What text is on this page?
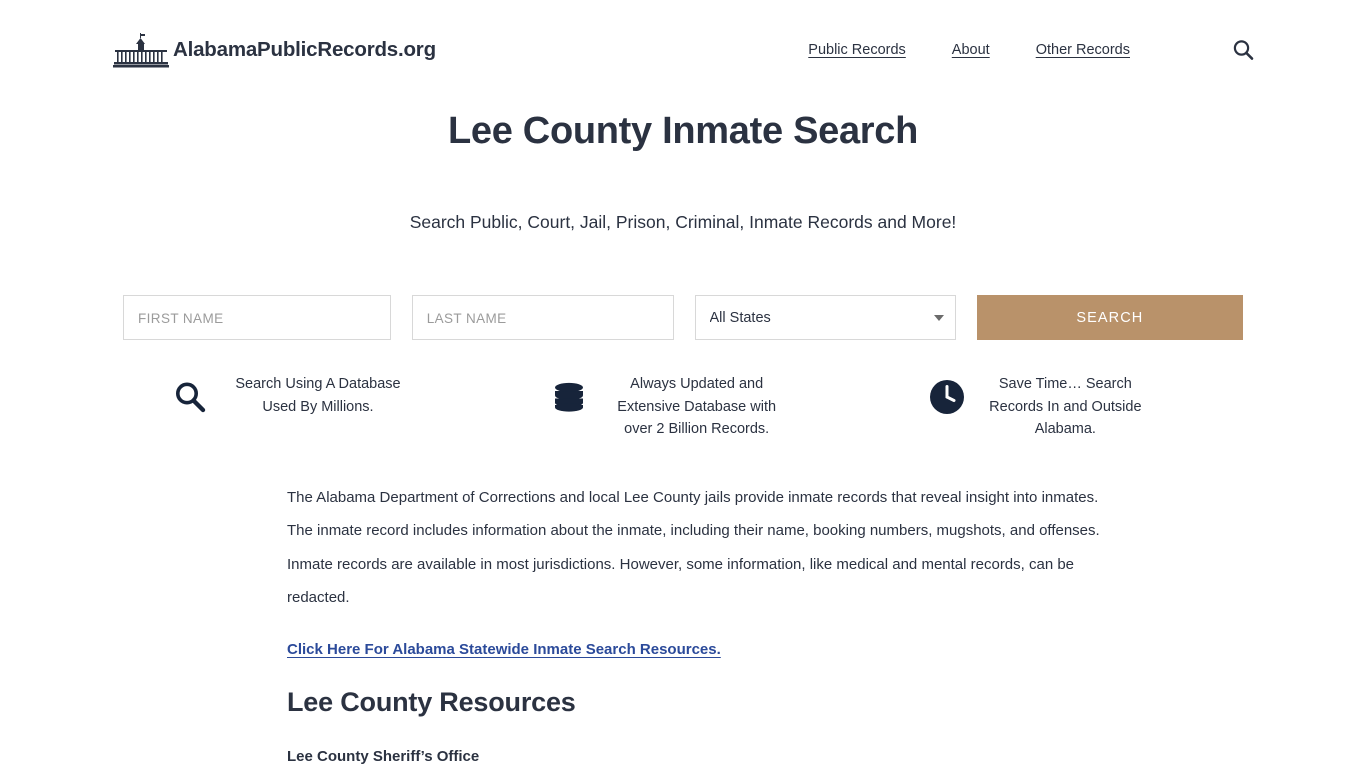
AlabamaPublicRecords.org	Public Records	About	Other Records
Lee County Inmate Search

Search Public, Court, Jail, Prison, Criminal, Inmate Records and More!

FIRST NAME
LAST NAME
All States
SEARCH
Search Using A Database Used By Millions.
Always Updated and Extensive Database with over 2 Billion Records.
Save Time… Search Records In and Outside Alabama.

The Alabama Department of Corrections and local Lee County jails provide inmate records that reveal insight into inmates. The inmate record includes information about the inmate, including their name, booking numbers, mugshots, and offenses. Inmate records are available in most jurisdictions. However, some information, like medical and mental records, can be redacted.

Click Here For Alabama Statewide Inmate Search Resources.
Lee County Resources
Lee County Sheriff’s Office
